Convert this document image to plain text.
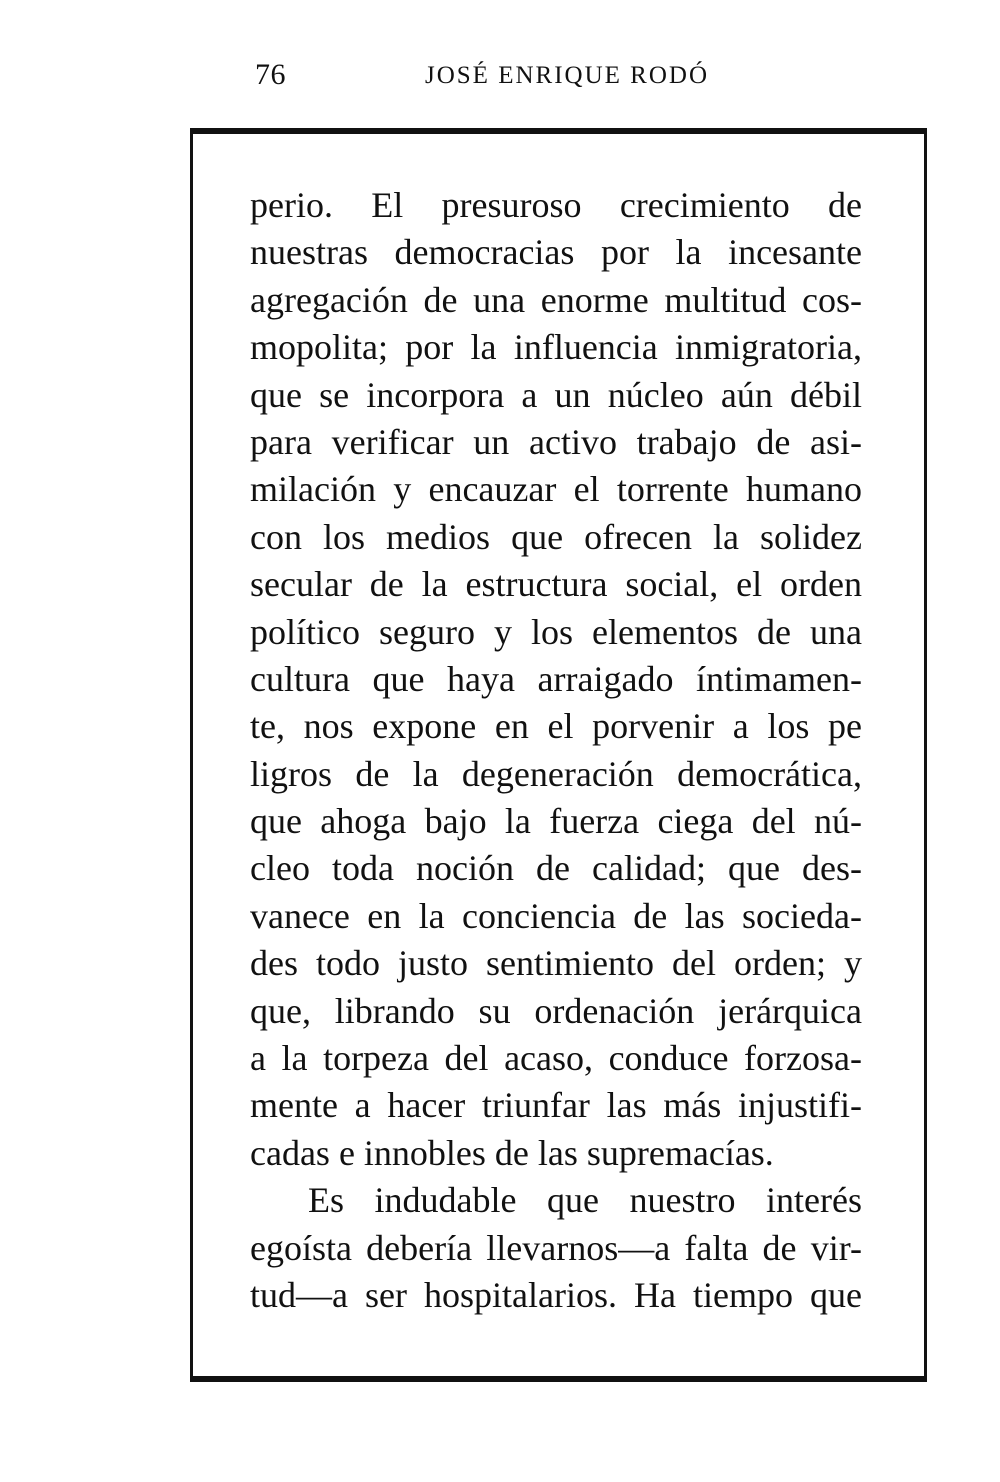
76	JOSÉ ENRIQUE RODÓ
perio. El presuroso crecimiento de
nuestras democracias por la incesante
agregación de una enorme multitud cos-
mopolita; por la influencia inmigratoria,
que se incorpora a un núcleo aún débil
para verificar un activo trabajo de asi-
milación y encauzar el torrente humano
con los medios que ofrecen la solidez
secular de la estructura social, el orden
político seguro y los elementos de una
cultura que haya arraigado íntimamen-
te, nos expone en el porvenir a los pe
ligros de la degeneración democrática,
que ahoga bajo la fuerza ciega del nú-
cleo toda noción de calidad; que des-
vanece en la conciencia de las socieda-
des todo justo sentimiento del orden; y
que, librando su ordenación jerárquica
a la torpeza del acaso, conduce forzosa-
mente a hacer triunfar las más injustifi-
cadas e innobles de las supremacías.
Es indudable que nuestro interés
egoísta debería llevarnos—a falta de vir-
tud—a ser hospitalarios. Ha tiempo que
